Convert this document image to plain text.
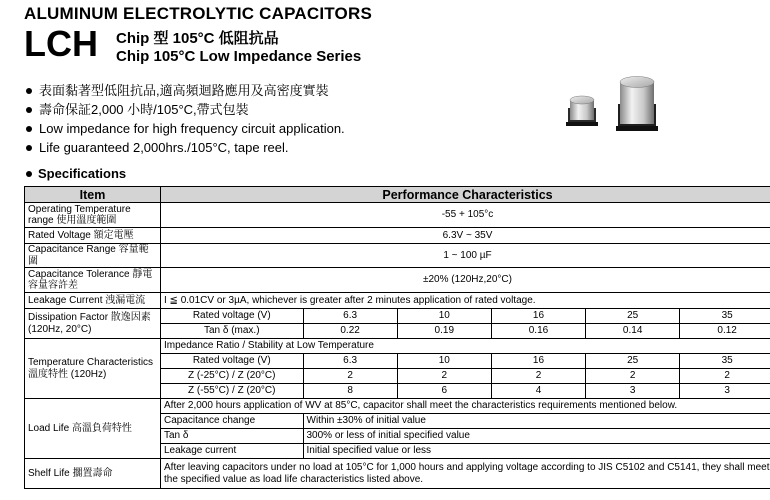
ALUMINUM ELECTROLYTIC CAPACITORS
LCH Chip 型 105°C 低阻抗品
Chip 105°C Low Impedance Series
表面黏著型低阻抗品,適高頻迴路應用及高密度實裝
壽命保証2,000 小時/105°C,帶式包裝
Low impedance for high frequency circuit application.
Life guaranteed 2,000hrs./105°C, tape reel.
Specifications
Item	Performance Characteristics
Operating Temperature range 使用溫度範圍	-55 + 105°c
Rated Voltage 額定電壓	6.3V ~ 35V
Capacitance Range 容量範圍	1 ~ 100 µF
Capacitance Tolerance 靜電容量容許差	±20% (120Hz,20°C)
Leakage Current 洩漏電流	I ≦ 0.01CV or 3µA, whichever is greater after 2 minutes application of rated voltage.
Dissipation Factor 散逸因素 (120Hz, 20°C)	
Rated voltage (V)	6.3	10	16	25	35
Tan δ (max.)	0.22	0.19	0.16	0.14	0.12

Temperature Characteristics 溫度特性 (120Hz)	
Impedance Ratio / Stability at Low Temperature
Rated voltage (V)	6.3	10	16	25	35
Z (-25°C) / Z (20°C)	2	2	2	2	2
Z (-55°C) / Z (20°C)	8	6	4	3	3

Load Life 高溫負荷特性	
After 2,000 hours application of WV at 85°C, capacitor shall meet the characteristics requirements mentioned below.
Capacitance change	Within ±30% of initial value
Tan δ	300% or less of initial specified value
Leakage current	Initial specified value or less

Shelf Life 擱置壽命	After leaving capacitors under no load at 105°C for 1,000 hours and applying voltage according to JIS C5102 and C5141, they shall meet the specified value as load life characteristics listed above.
